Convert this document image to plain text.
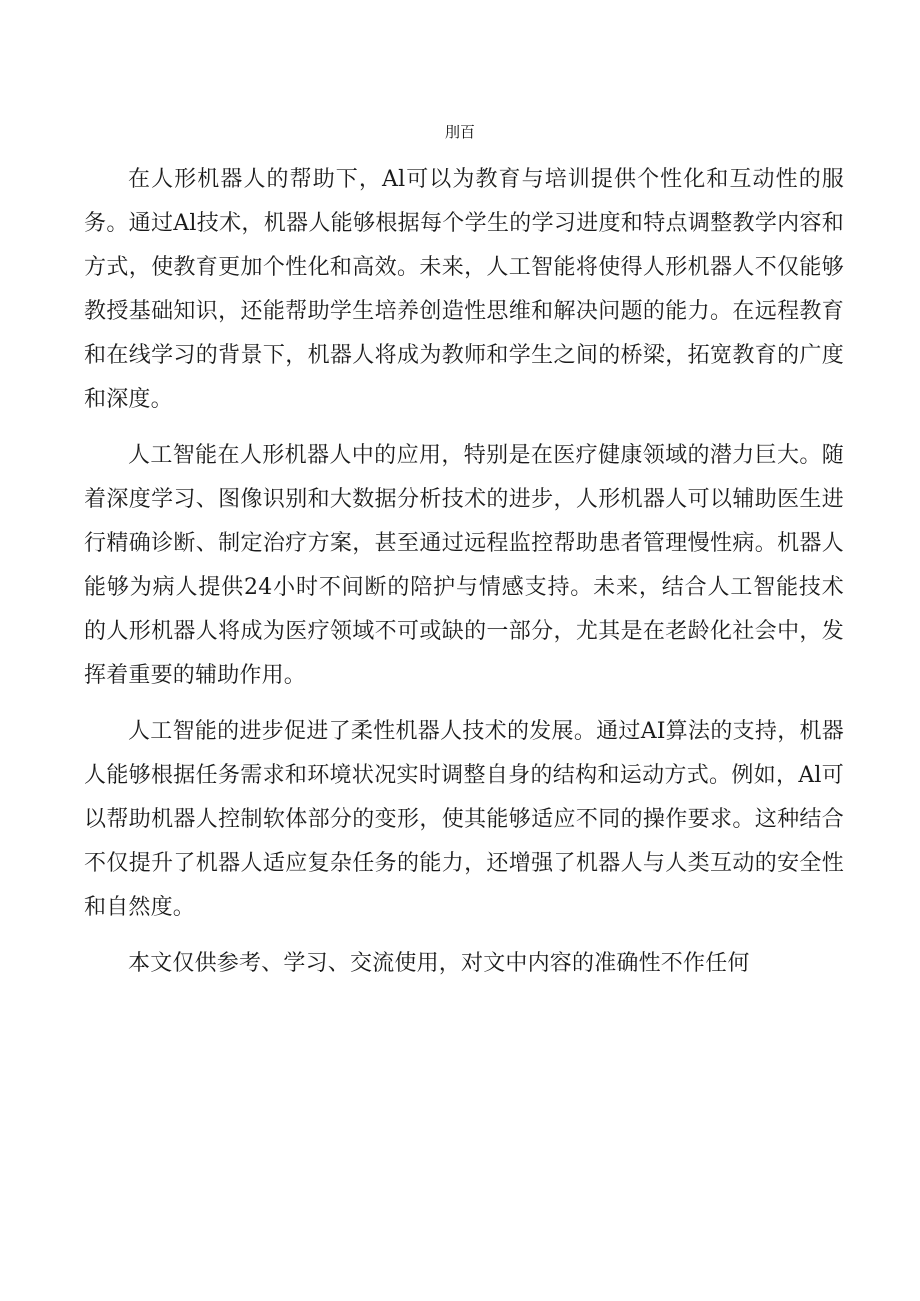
刖百

在人形机器人的帮助下，Al可以为教育与培训提供个性化和互动性的服务。通过Al技术，机器人能够根据每个学生的学习进度和特点调整教学内容和方式，使教育更加个性化和高效。未来，人工智能将使得人形机器人不仅能够教授基础知识，还能帮助学生培养创造性思维和解决问题的能力。在远程教育和在线学习的背景下，机器人将成为教师和学生之间的桥梁，拓宽教育的广度和深度。

人工智能在人形机器人中的应用，特别是在医疗健康领域的潜力巨大。随着深度学习、图像识别和大数据分析技术的进步，人形机器人可以辅助医生进行精确诊断、制定治疗方案，甚至通过远程监控帮助患者管理慢性病。机器人能够为病人提供24小时不间断的陪护与情感支持。未来，结合人工智能技术的人形机器人将成为医疗领域不可或缺的一部分，尤其是在老龄化社会中，发挥着重要的辅助作用。

人工智能的进步促进了柔性机器人技术的发展。通过AI算法的支持，机器人能够根据任务需求和环境状况实时调整自身的结构和运动方式。例如，Al可以帮助机器人控制软体部分的变形，使其能够适应不同的操作要求。这种结合不仅提升了机器人适应复杂任务的能力，还增强了机器人与人类互动的安全性和自然度。

本文仅供参考、学习、交流使用，对文中内容的准确性不作任何
